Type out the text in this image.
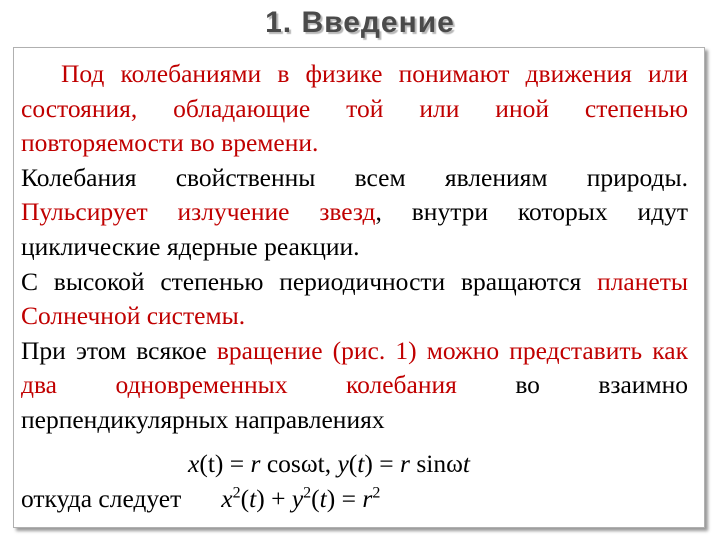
1. Введение

Под колебаниями в физике понимают движения или состояния, обладающие той или иной степенью повторяемости во времени.

Колебания свойственны всем явлениям природы. Пульсирует излучение звезд, внутри которых идут циклические ядерные реакции.

С высокой степенью периодичности вращаются планеты Солнечной системы.

При этом всякое вращение (рис. 1) можно представить как два одновременных колебания во взаимно перпендикулярных направлениях

x(t) = r cosωt, y(t) = r sinωt
откуда следует $x^2(t) + y^2(t) = r^2$
